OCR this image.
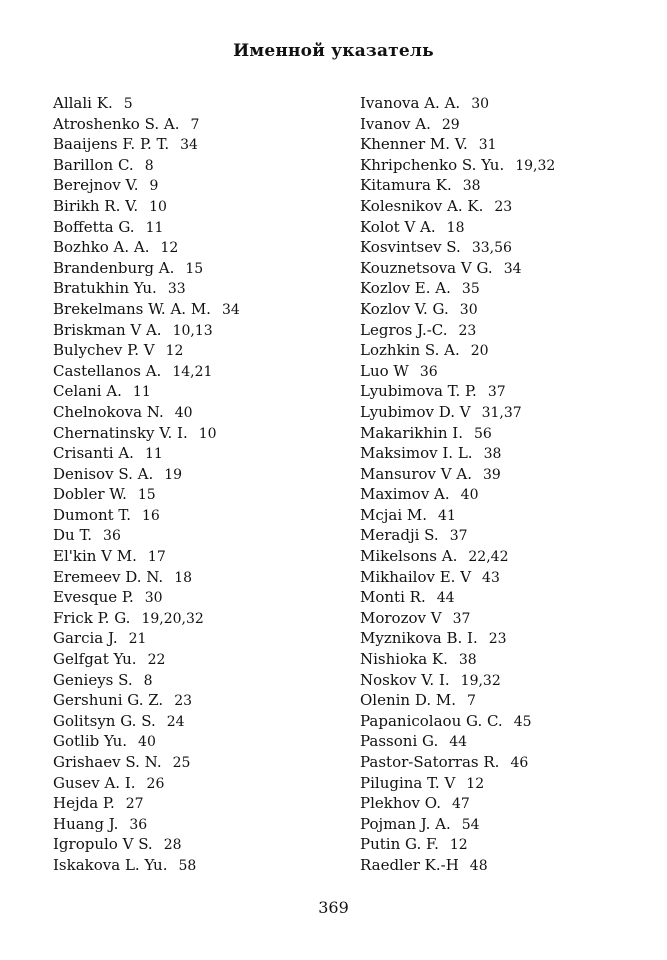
Именной указатель
Allali K. 5
Atroshenko S. A. 7
Baaijens F. P. T. 34
Barillon C. 8
Berejnov V. 9
Birikh R. V. 10
Boffetta G. 11
Bozhko A. A. 12
Brandenburg A. 15
Bratukhin Yu. 33
Brekelmans W. A. M. 34
Briskman V A. 10,13
Bulychev P. V 12
Castellanos A. 14,21
Celani A. 11
Chelnokova N. 40
Chernatinsky V. I. 10
Crisanti A. 11
Denisov S. A. 19
Dobler W. 15
Dumont T. 16
Du T. 36
El'kin V M. 17
Eremeev D. N. 18
Evesque P. 30
Frick P. G. 19,20,32
Garcia J. 21
Gelfgat Yu. 22
Genieys S. 8
Gershuni G. Z. 23
Golitsyn G. S. 24
Gotlib Yu. 40
Grishaev S. N. 25
Gusev A. I. 26
Hejda P. 27
Huang J. 36
Igropulo V S. 28
Iskakova L. Yu. 58
Ivanova A. A. 30
Ivanov A. 29
Khenner M. V. 31
Khripchenko S. Yu. 19,32
Kitamura K. 38
Kolesnikov A. K. 23
Kolot V A. 18
Kosvintsev S. 33,56
Kouznetsova V G. 34
Kozlov E. A. 35
Kozlov V. G. 30
Legros J.-C. 23
Lozhkin S. A. 20
Luo W 36
Lyubimova T. P. 37
Lyubimov D. V 31,37
Makarikhin I. 56
Maksimov I. L. 38
Mansurov V A. 39
Maximov A. 40
Mcjai M. 41
Meradji S. 37
Mikelsons A. 22,42
Mikhailov E. V 43
Monti R. 44
Morozov V 37
Myznikova B. I. 23
Nishioka K. 38
Noskov V. I. 19,32
Olenin D. M. 7
Papanicolaou G. C. 45
Passoni G. 44
Pastor-Satorras R. 46
Pilugina T. V 12
Plekhov O. 47
Pojman J. A. 54
Putin G. F. 12
Raedler K.-H 48
369
